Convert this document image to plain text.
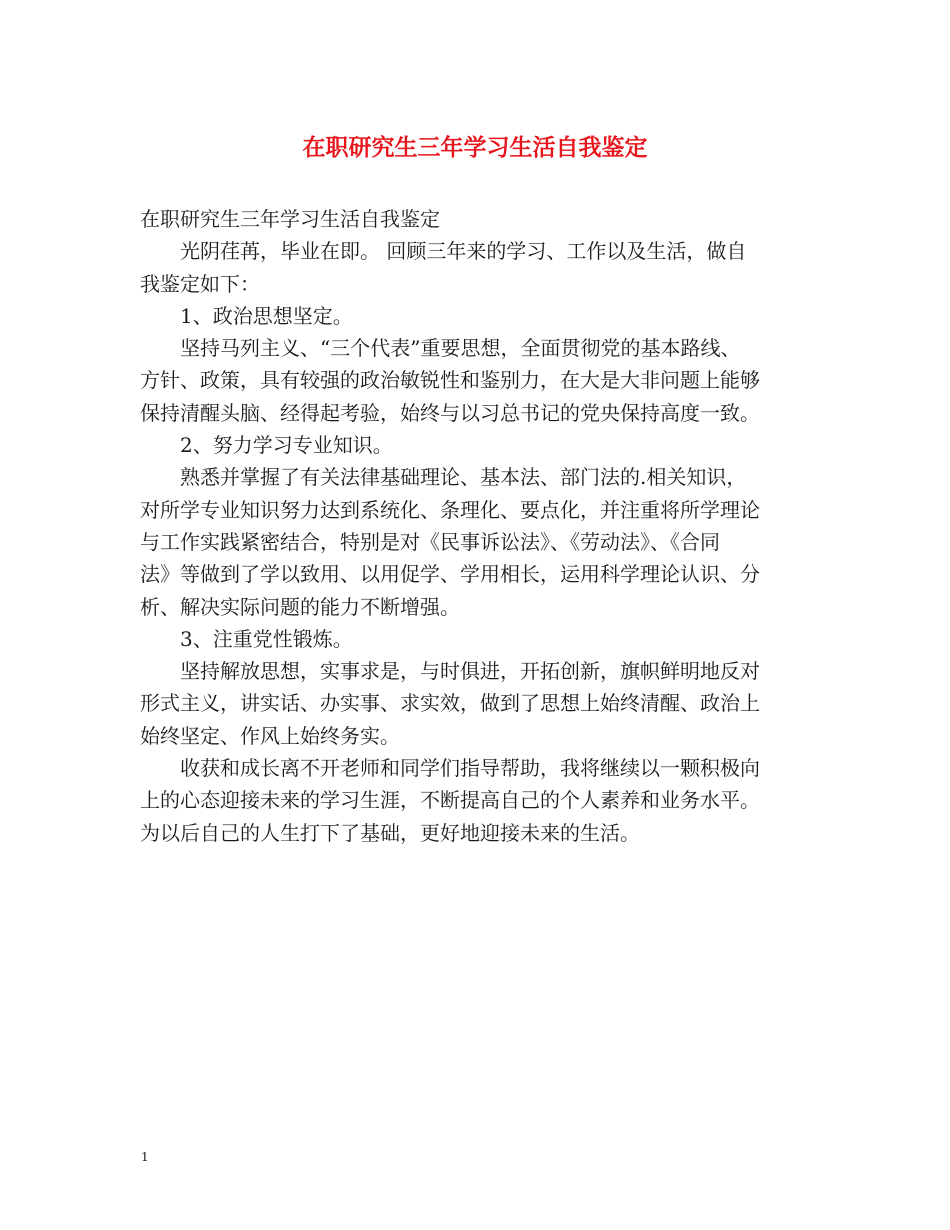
在职研究生三年学习生活自我鉴定

在职研究生三年学习生活自我鉴定

光阴荏苒，毕业在即。 回顾三年来的学习、工作以及生活，做自

我鉴定如下：

1、政治思想坚定。

坚持马列主义、“三个代表”重要思想，全面贯彻党的基本路线、

方针、政策，具有较强的政治敏锐性和鉴别力，在大是大非问题上能够

保持清醒头脑、经得起考验，始终与以习总书记的党央保持高度一致。

2、努力学习专业知识。

熟悉并掌握了有关法律基础理论、基本法、部门法的.相关知识，

对所学专业知识努力达到系统化、条理化、要点化，并注重将所学理论

与工作实践紧密结合，特别是对《民事诉讼法》、《劳动法》、《合同

法》等做到了学以致用、以用促学、学用相长，运用科学理论认识、分

析、解决实际问题的能力不断增强。

3、注重党性锻炼。

坚持解放思想，实事求是，与时俱进，开拓创新，旗帜鲜明地反对

形式主义，讲实话、办实事、求实效，做到了思想上始终清醒、政治上

始终坚定、作风上始终务实。

收获和成长离不开老师和同学们指导帮助，我将继续以一颗积极向

上的心态迎接未来的学习生涯，不断提高自己的个人素养和业务水平。

为以后自己的人生打下了基础，更好地迎接未来的生活。

1
